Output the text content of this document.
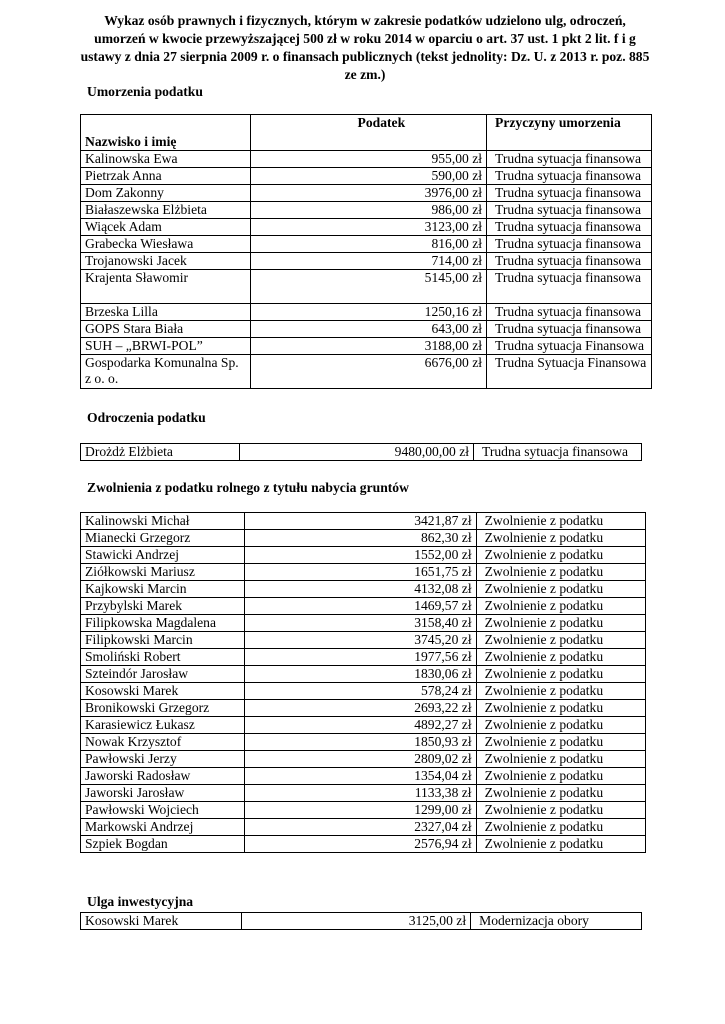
Wykaz osób prawnych i fizycznych, którym w zakresie podatków udzielono ulg, odroczeń, umorzeń w kwocie przewyższającej 500 zł w roku 2014 w oparciu o art. 37 ust. 1 pkt 2 lit. f i g ustawy z dnia 27 sierpnia 2009 r. o finansach publicznych (tekst jednolity: Dz. U. z 2013 r. poz. 885 ze zm.)
Umorzenia podatku
Nazwisko i imię	Podatek	Przyczyny umorzenia
Kalinowska Ewa	955,00 zł	Trudna sytuacja finansowa
Pietrzak Anna	590,00 zł	Trudna sytuacja finansowa
Dom Zakonny	3976,00 zł	Trudna sytuacja finansowa
Białaszewska Elżbieta	986,00 zł	Trudna sytuacja finansowa
Wiącek Adam	3123,00 zł	Trudna sytuacja finansowa
Grabecka Wiesława	816,00 zł	Trudna sytuacja finansowa
Trojanowski Jacek	714,00 zł	Trudna sytuacja finansowa
Krajenta Sławomir	5145,00 zł	Trudna sytuacja finansowa
Brzeska Lilla	1250,16 zł	Trudna sytuacja finansowa
GOPS Stara Biała	643,00 zł	Trudna sytuacja finansowa
SUH – „BRWI-POL”	3188,00 zł	Trudna sytuacja Finansowa
Gospodarka Komunalna Sp. z o. o.	6676,00 zł	Trudna Sytuacja Finansowa
Odroczenia podatku
Drożdż Elżbieta	9480,00,00 zł	Trudna sytuacja finansowa
Zwolnienia z podatku rolnego z tytułu nabycia gruntów
Kalinowski Michał	3421,87 zł	Zwolnienie z podatku
Mianecki Grzegorz	862,30 zł	Zwolnienie z podatku
Stawicki Andrzej	1552,00 zł	Zwolnienie z podatku
Ziółkowski Mariusz	1651,75 zł	Zwolnienie z podatku
Kajkowski Marcin	4132,08 zł	Zwolnienie z podatku
Przybylski Marek	1469,57 zł	Zwolnienie z podatku
Filipkowska Magdalena	3158,40 zł	Zwolnienie z podatku
Filipkowski Marcin	3745,20 zł	Zwolnienie z podatku
Smoliński Robert	1977,56 zł	Zwolnienie z podatku
Szteindór Jarosław	1830,06 zł	Zwolnienie z podatku
Kosowski Marek	578,24 zł	Zwolnienie z podatku
Bronikowski Grzegorz	2693,22 zł	Zwolnienie z podatku
Karasiewicz Łukasz	4892,27 zł	Zwolnienie z podatku
Nowak Krzysztof	1850,93 zł	Zwolnienie z podatku
Pawłowski Jerzy	2809,02 zł	Zwolnienie z podatku
Jaworski Radosław	1354,04 zł	Zwolnienie z podatku
Jaworski Jarosław	1133,38 zł	Zwolnienie z podatku
Pawłowski Wojciech	1299,00 zł	Zwolnienie z podatku
Markowski Andrzej	2327,04 zł	Zwolnienie z podatku
Szpiek Bogdan	2576,94 zł	Zwolnienie z podatku
Ulga inwestycyjna
Kosowski Marek	3125,00 zł	Modernizacja obory
